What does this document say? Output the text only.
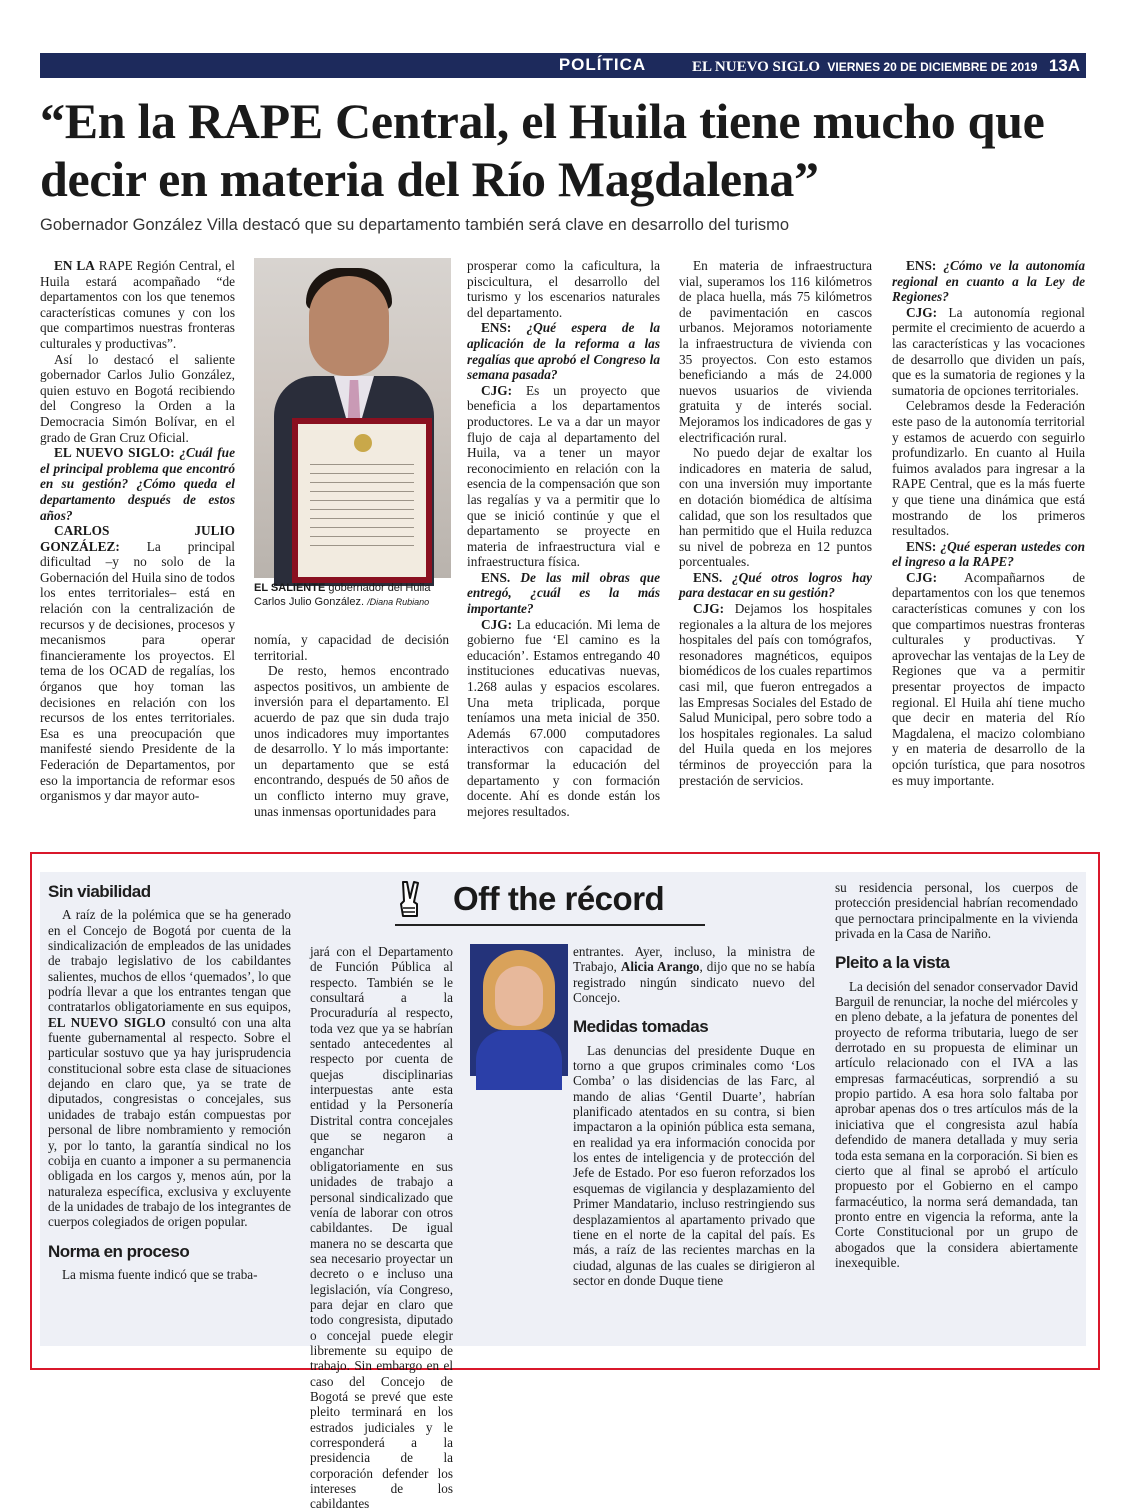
POLÍTICA	EL NUEVO SIGLO VIERNES 20 DE DICIEMBRE DE 2019 13A
“En la RAPE Central, el Huila tiene mucho que decir en materia del Río Magdalena”
Gobernador González Villa destacó que su departamento también será clave en desarrollo del turismo

EN LA RAPE Región Central, el Huila estará acompañado “de departamentos con los que tenemos características comunes y con los que compartimos nuestras fronteras culturales y productivas”.

Así lo destacó el saliente gobernador Carlos Julio González, quien estuvo en Bogotá recibiendo del Congreso la Orden a la Democracia Simón Bolívar, en el grado de Gran Cruz Oficial.

EL NUEVO SIGLO: ¿Cuál fue el principal problema que encontró en su gestión? ¿Cómo queda el departamento después de estos años?

CARLOS JULIO GONZÁLEZ: La principal dificultad –y no solo de la Gobernación del Huila sino de todos los entes territoriales– está en relación con la centralización de recursos y de decisiones, procesos y mecanismos para operar financieramente los proyectos. El tema de los OCAD de regalías, los órganos que hoy toman las decisiones en relación con los recursos de los entes territoriales. Esa es una preocupación que manifesté siendo Presidente de la Federación de Departamentos, por eso la importancia de reformar esos organismos y dar mayor auto-

EL SALIENTE gobernador del Huila Carlos Julio González. /Diana Rubiano

nomía, y capacidad de decisión territorial.

De resto, hemos encontrado aspectos positivos, un ambiente de inversión para el departamento. El acuerdo de paz que sin duda trajo unos indicadores muy importantes de desarrollo. Y lo más importante: un departamento que se está encontrando, después de 50 años de un conflicto interno muy grave, unas inmensas oportunidades para

prosperar como la caficultura, la piscicultura, el desarrollo del turismo y los escenarios naturales del departamento.

ENS: ¿Qué espera de la aplicación de la reforma a las regalías que aprobó el Congreso la semana pasada?

CJG: Es un proyecto que beneficia a los departamentos productores. Le va a dar un mayor flujo de caja al departamento del Huila, va a tener un mayor reconocimiento en relación con la esencia de la compensación que son las regalías y va a permitir que lo que se inició continúe y que el departamento se proyecte en materia de infraestructura vial e infraestructura física.

ENS. De las mil obras que entregó, ¿cuál es la más importante?

CJG: La educación. Mi lema de gobierno fue ‘El camino es la educación’. Estamos entregando 40 instituciones educativas nuevas, 1.268 aulas y espacios escolares. Una meta triplicada, porque teníamos una meta inicial de 350. Además 67.000 computadores interactivos con capacidad de transformar la educación del departamento y con formación docente. Ahí es donde están los mejores resultados.

En materia de infraestructura vial, superamos los 116 kilómetros de placa huella, más 75 kilómetros de pavimentación en cascos urbanos. Mejoramos notoriamente la infraestructura de vivienda con 35 proyectos. Con esto estamos beneficiando a más de 24.000 nuevos usuarios de vivienda gratuita y de interés social. Mejoramos los indicadores de gas y electrificación rural.

No puedo dejar de exaltar los indicadores en materia de salud, con una inversión muy importante en dotación biomédica de altísima calidad, que son los resultados que han permitido que el Huila reduzca su nivel de pobreza en 12 puntos porcentuales.

ENS. ¿Qué otros logros hay para destacar en su gestión?

CJG: Dejamos los hospitales regionales a la altura de los mejores hospitales del país con tomógrafos, resonadores magnéticos, equipos biomédicos de los cuales repartimos casi mil, que fueron entregados a las Empresas Sociales del Estado de Salud Municipal, pero sobre todo a los hospitales regionales. La salud del Huila queda en los mejores términos de proyección para la prestación de servicios.

ENS: ¿Cómo ve la autonomía regional en cuanto a la Ley de Regiones?

CJG: La autonomía regional permite el crecimiento de acuerdo a las características y las vocaciones de desarrollo que dividen un país, que es la sumatoria de regiones y la sumatoria de opciones territoriales.

Celebramos desde la Federación este paso de la autonomía territorial y estamos de acuerdo con seguirlo profundizarlo. En cuanto al Huila fuimos avalados para ingresar a la RAPE Central, que es la más fuerte y que tiene una dinámica que está mostrando de los primeros resultados.

ENS: ¿Qué esperan ustedes con el ingreso a la RAPE?

CJG: Acompañarnos de departamentos con los que tenemos características comunes y con los que compartimos nuestras fronteras culturales y productivas. Y aprovechar las ventajas de la Ley de Regiones que va a permitir presentar proyectos de impacto regional. El Huila ahí tiene mucho que decir en materia del Río Magdalena, el macizo colombiano y en materia de desarrollo de la opción turística, que para nosotros es muy importante.

Off the récord

Sin viabilidad

A raíz de la polémica que se ha generado en el Concejo de Bogotá por cuenta de la sindicalización de empleados de las unidades de trabajo legislativo de los cabildantes salientes, muchos de ellos ‘quemados’, lo que podría llevar a que los entrantes tengan que contratarlos obligatoriamente en sus equipos, EL NUEVO SIGLO consultó con una alta fuente gubernamental al respecto. Sobre el particular sostuvo que ya hay jurisprudencia constitucional sobre esta clase de situaciones dejando en claro que, ya se trate de diputados, congresistas o concejales, sus unidades de trabajo están compuestas por personal de libre nombramiento y remoción y, por lo tanto, la garantía sindical no los cobija en cuanto a imponer a su permanencia obligada en los cargos y, menos aún, por la naturaleza específica, exclusiva y excluyente de la unidades de trabajo de los integrantes de cuerpos colegiados de origen popular.

Norma en proceso

La misma fuente indicó que se traba-

jará con el Departamento de Función Pública al respecto. También se le consultará a la Procuraduría al respecto, toda vez que ya se habrían sentado antecedentes al respecto por cuenta de quejas disciplinarias interpuestas ante esta entidad y la Personería Distrital contra concejales que se negaron a enganchar obligatoriamente en sus unidades de trabajo a personal sindicalizado que venía de laborar con otros cabildantes. De igual manera no se descarta que sea necesario proyectar un decreto o e incluso una legislación, vía Congreso, para dejar en claro que todo congresista, diputado o concejal puede elegir libremente su equipo de trabajo. Sin embargo en el caso del Concejo de Bogotá se prevé que este pleito terminará en los estrados judiciales y le corresponderá a la presidencia de la corporación defender los intereses de los cabildantes

entrantes. Ayer, incluso, la ministra de Trabajo, Alicia Arango, dijo que no se había registrado ningún sindicato nuevo del Concejo.

Medidas tomadas

Las denuncias del presidente Duque en torno a que grupos criminales como ‘Los Comba’ o las disidencias de las Farc, al mando de alias ‘Gentil Duarte’, habrían planificado atentados en su contra, si bien impactaron a la opinión pública esta semana, en realidad ya era información conocida por los entes de inteligencia y de protección del Jefe de Estado. Por eso fueron reforzados los esquemas de vigilancia y desplazamiento del Primer Mandatario, incluso restringiendo sus desplazamientos al apartamento privado que tiene en el norte de la capital del país. Es más, a raíz de las recientes marchas en la ciudad, algunas de las cuales se dirigieron al sector en donde Duque tiene

su residencia personal, los cuerpos de protección presidencial habrían recomendado que pernoctara principalmente en la vivienda privada en la Casa de Nariño.

Pleito a la vista

La decisión del senador conservador David Barguil de renunciar, la noche del miércoles y en pleno debate, a la jefatura de ponentes del proyecto de reforma tributaria, luego de ser derrotado en su propuesta de eliminar un artículo relacionado con el IVA a las empresas farmacéuticas, sorprendió a su propio partido. A esa hora solo faltaba por aprobar apenas dos o tres artículos más de la iniciativa que el congresista azul había defendido de manera detallada y muy seria toda esta semana en la corporación. Si bien es cierto que al final se aprobó el artículo propuesto por el Gobierno en el campo farmacéutico, la norma será demandada, tan pronto entre en vigencia la reforma, ante la Corte Constitucional por un grupo de abogados que la considera abiertamente inexequible.
